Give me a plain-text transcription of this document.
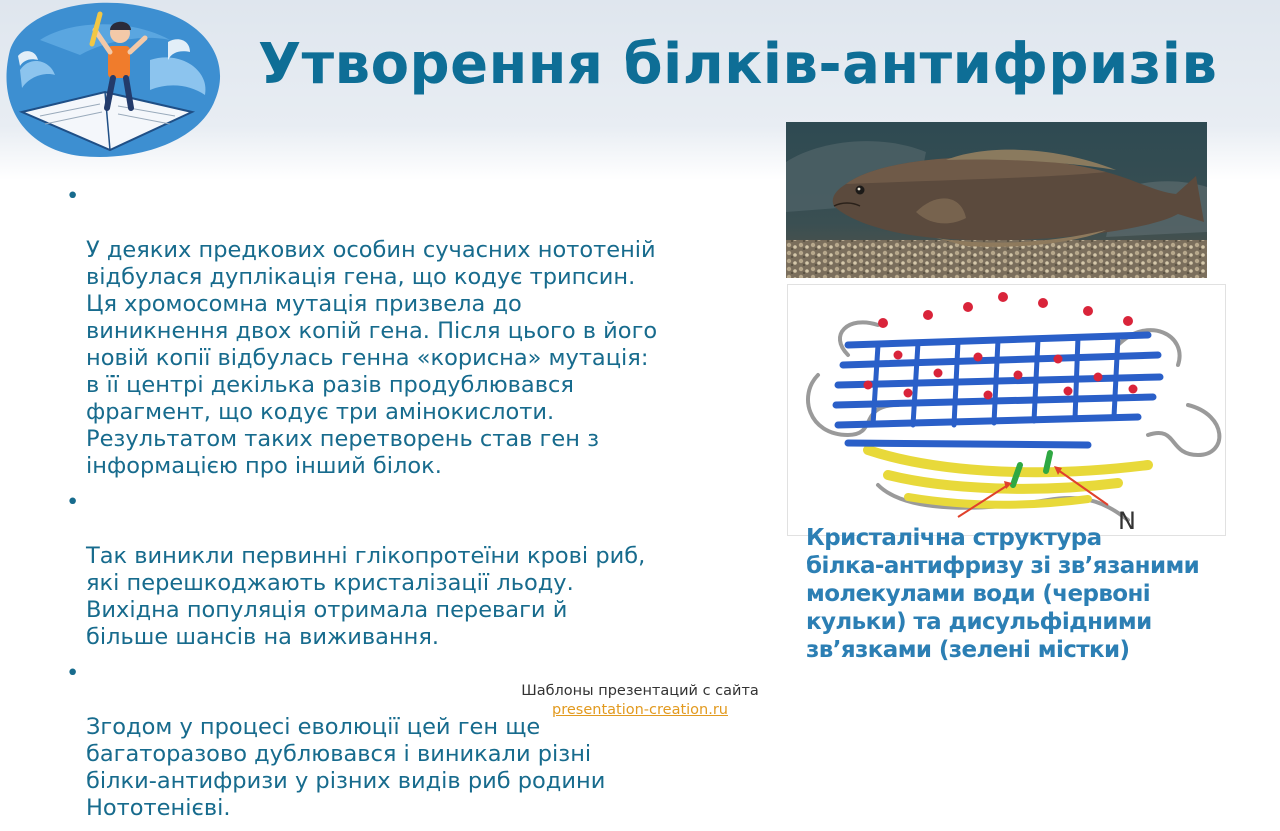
Утворення білків-антифризів

•

У деяких предкових особин сучасних нототеній
відбулася дуплікація гена, що кодує трипсин.
Ця хромосомна мутація призвела до
виникнення двох копій гена. Після цього в його
новій копії відбулась генна «корисна» мутація:
в її центрі декілька разів продублювався
фрагмент, що кодує три амінокислоти.
Результатом таких перетворень став ген з
інформацією про інший білок.

•

Так виникли первинні глікопротеїни крові риб,
які перешкоджають кристалізації льоду.
Вихідна популяція отримала переваги й
більше шансів на виживання.

•

Згодом у процесі еволюції цей ген ще
багаторазово дублювався і виникали різні
білки-антифризи у різних видів риб родини
Нототенієві.

N

Кристалічна структура
білка-антифризу зі зв’язаними
молекулами води (червоні
кульки) та дисульфідними
зв’язками (зелені містки)

Шаблоны презентаций с сайта
presentation-creation.ru
